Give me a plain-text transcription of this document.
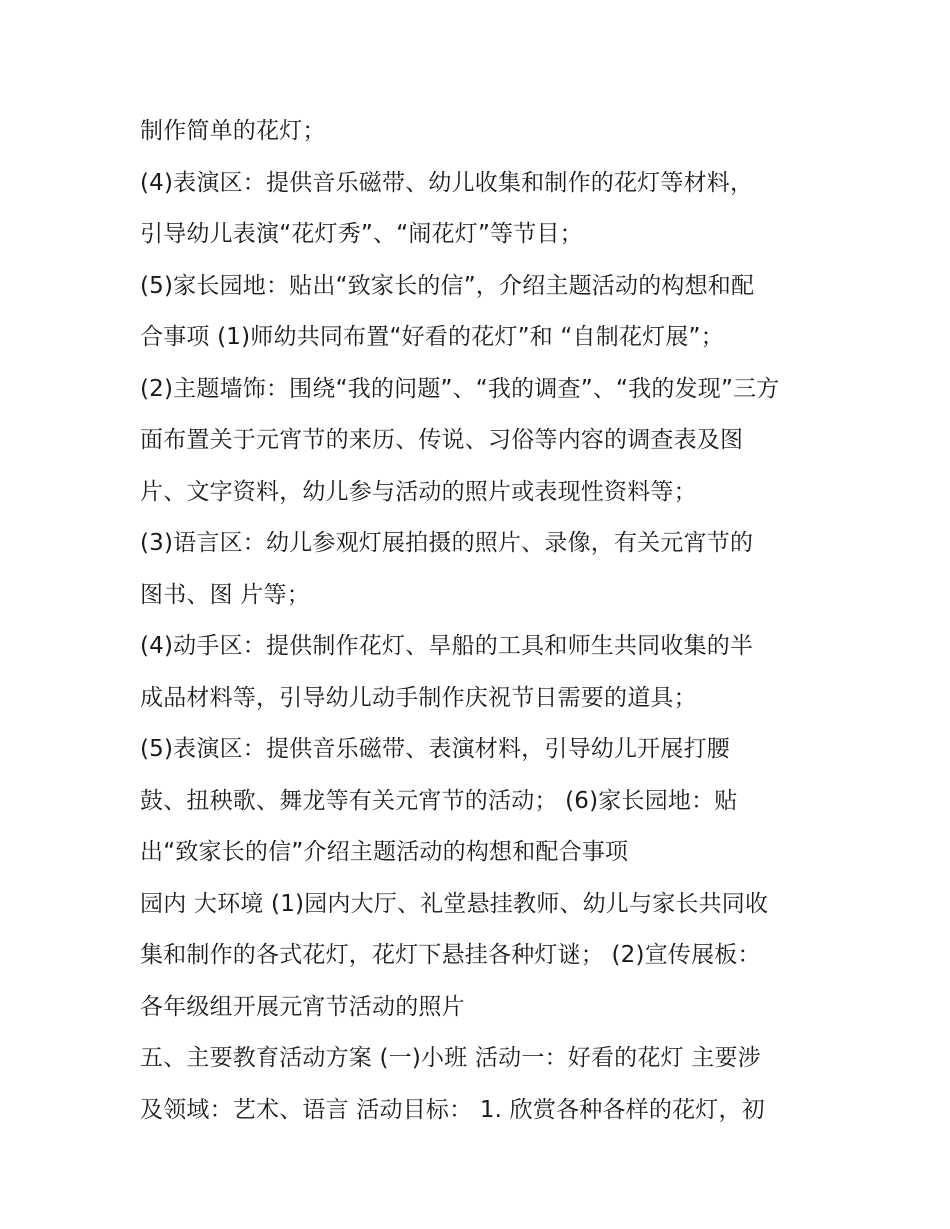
制作简单的花灯；
(4)表演区：提供音乐磁带、幼儿收集和制作的花灯等材料，
引导幼儿表演“花灯秀”、“闹花灯”等节目；
(5)家长园地：贴出“致家长的信”，介绍主题活动的构想和配
合事项 (1)师幼共同布置“好看的花灯”和 “自制花灯展”；
(2)主题墙饰：围绕“我的问题”、“我的调查”、“我的发现”三方
面布置关于元宵节的来历、传说、习俗等内容的调查表及图
片、文字资料，幼儿参与活动的照片或表现性资料等；
(3)语言区：幼儿参观灯展拍摄的照片、录像，有关元宵节的
图书、图 片等；
(4)动手区：提供制作花灯、旱船的工具和师生共同收集的半
成品材料等，引导幼儿动手制作庆祝节日需要的道具；
(5)表演区：提供音乐磁带、表演材料，引导幼儿开展打腰
鼓、扭秧歌、舞龙等有关元宵节的活动； (6)家长园地：贴
出“致家长的信”介绍主题活动的构想和配合事项
园内 大环境 (1)园内大厅、礼堂悬挂教师、幼儿与家长共同收
集和制作的各式花灯，花灯下悬挂各种灯谜； (2)宣传展板：
各年级组开展元宵节活动的照片
五、主要教育活动方案 (一)小班 活动一：好看的花灯 主要涉
及领域：艺术、语言 活动目标： 1. 欣赏各种各样的花灯，初
